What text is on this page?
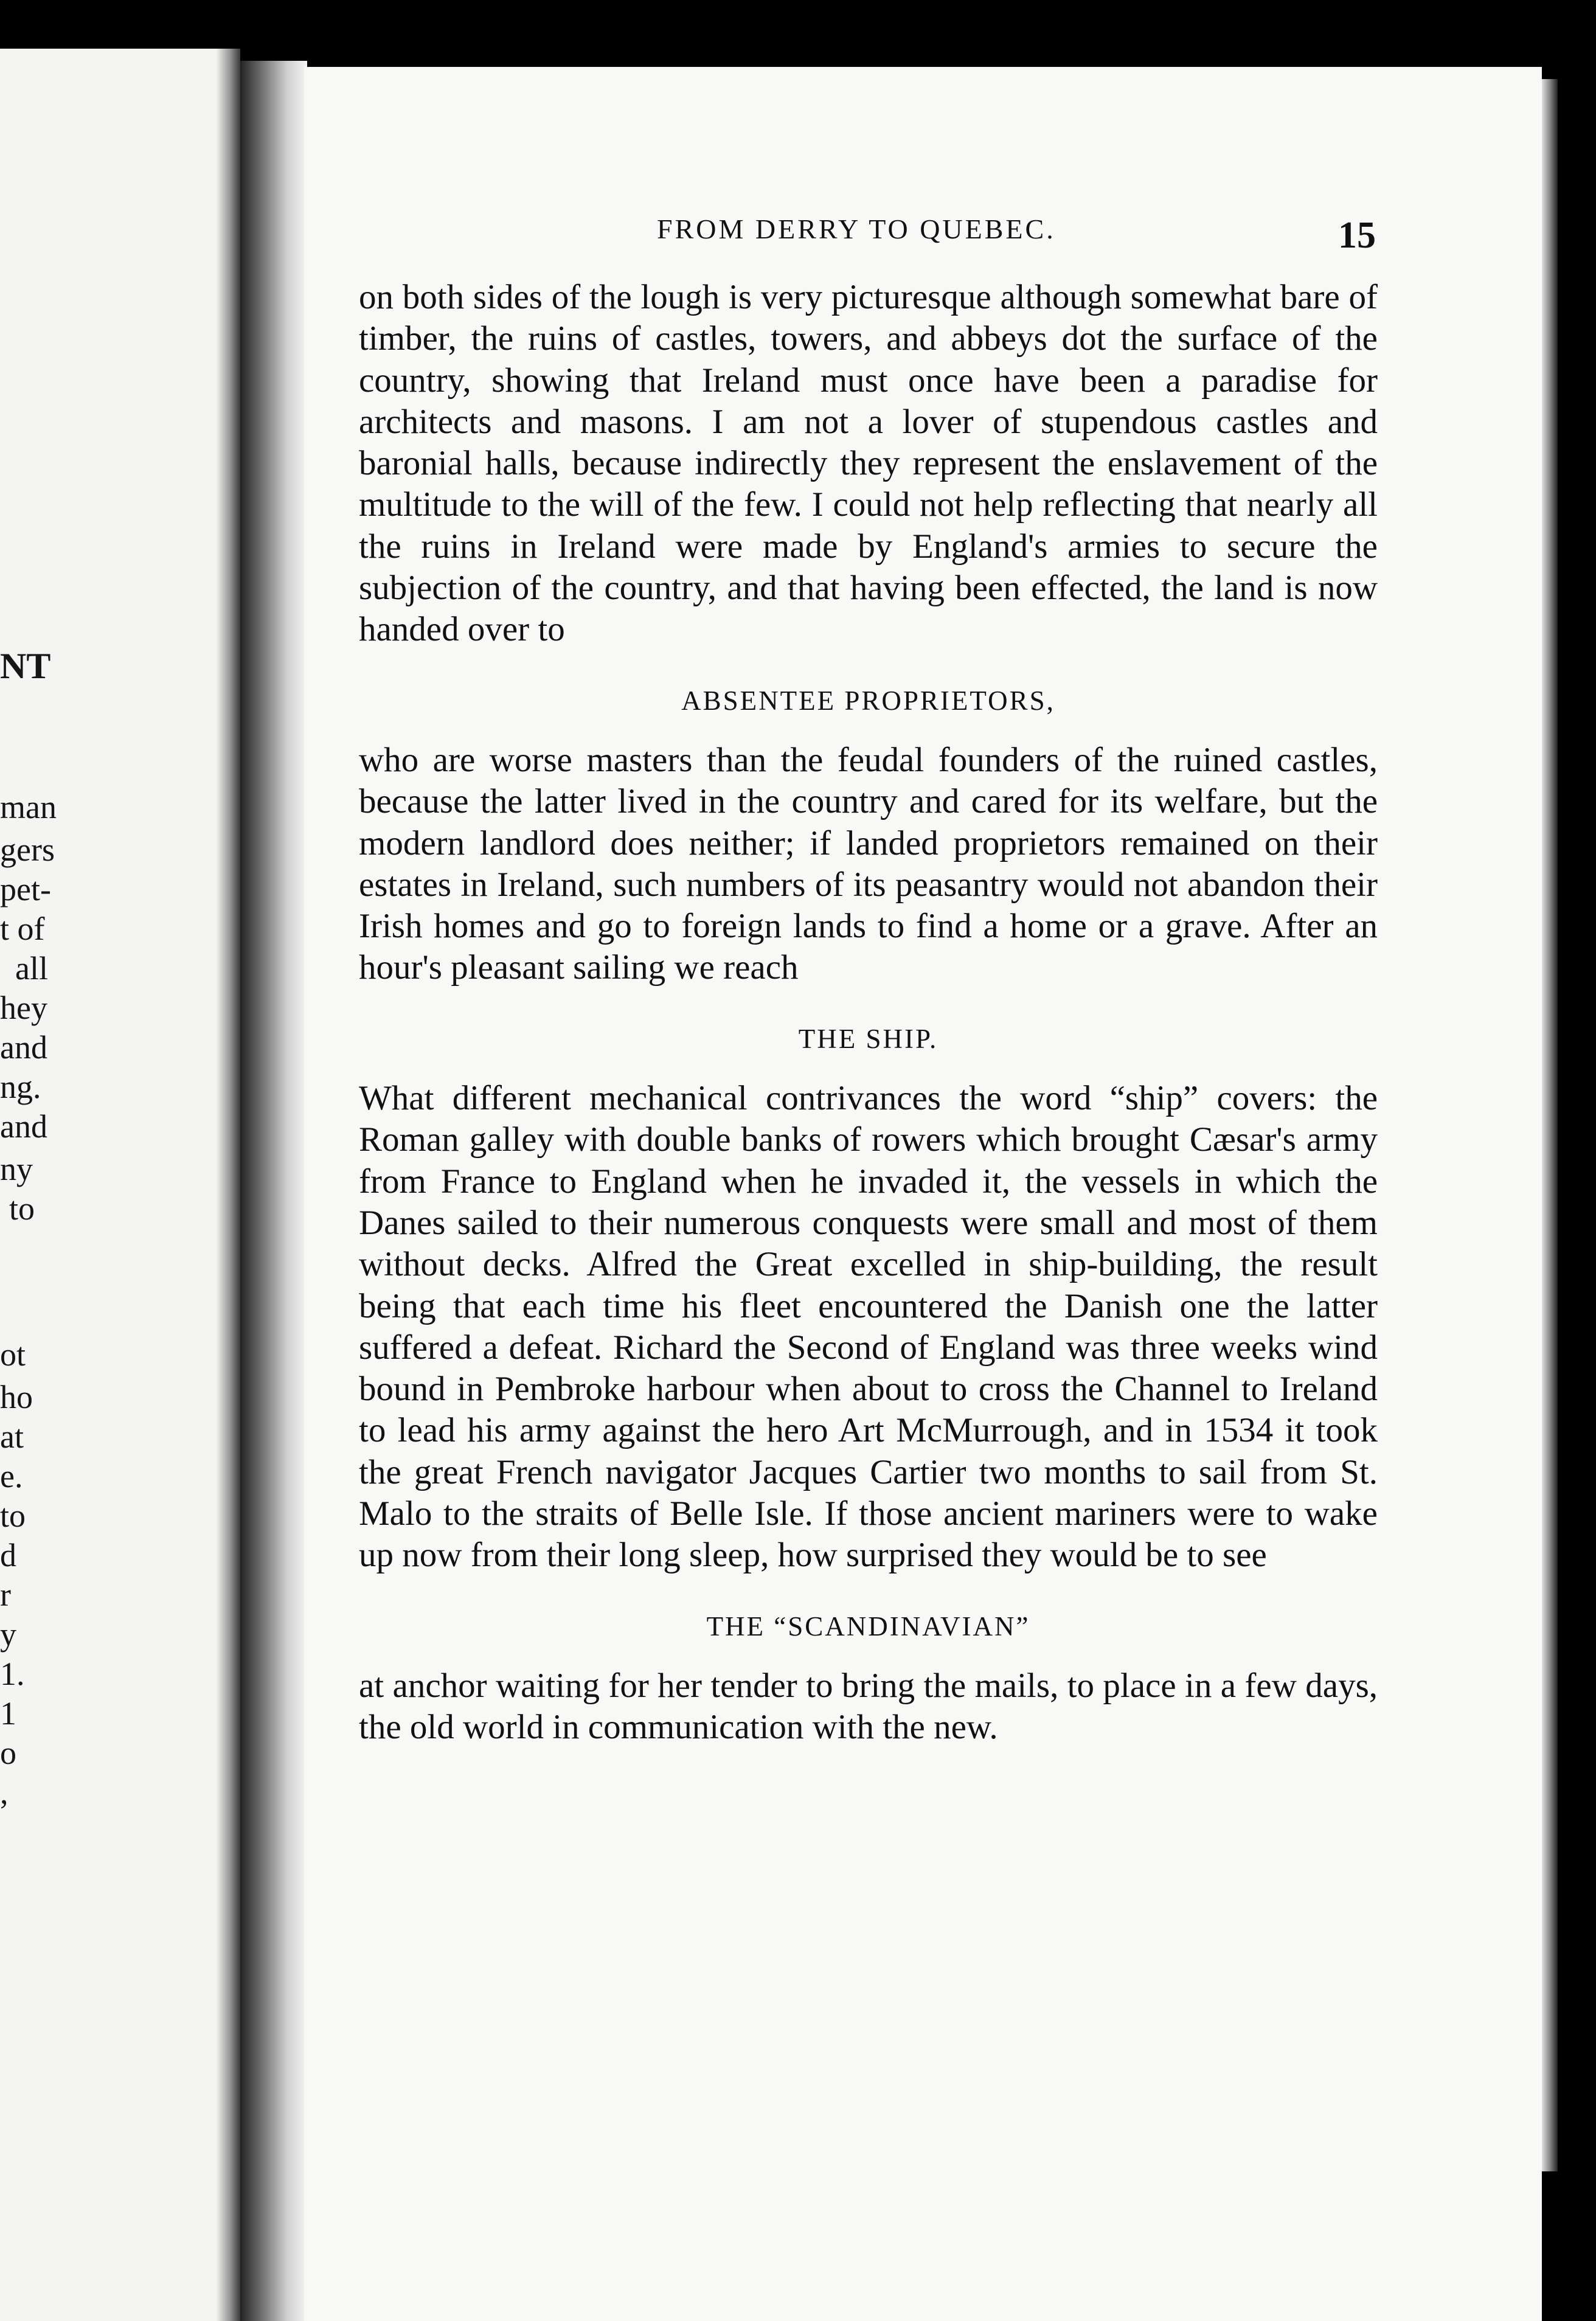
NT
man
gers
pet-
t of
all
hey
and
ng.
and
ny
to
ot
ho
at
e.
to
d
r
y
1.
1
o
,
FROM DERRY TO QUEBEC.	15

on both sides of the lough is very picturesque although somewhat bare of timber, the ruins of castles, towers, and abbeys dot the surface of the country, showing that Ireland must once have been a paradise for architects and masons. I am not a lover of stupendous castles and baronial halls, because indirectly they represent the enslavement of the multitude to the will of the few. I could not help reflecting that nearly all the ruins in Ireland were made by England's armies to secure the subjection of the country, and that having been effected, the land is now handed over to

ABSENTEE PROPRIETORS,

who are worse masters than the feudal founders of the ruined castles, because the latter lived in the country and cared for its welfare, but the modern landlord does neither; if landed proprietors remained on their estates in Ireland, such numbers of its peasantry would not abandon their Irish homes and go to foreign lands to find a home or a grave. After an hour's pleasant sailing we reach

THE SHIP.

What different mechanical contrivances the word “ship” covers: the Roman galley with double banks of rowers which brought Cæsar's army from France to England when he invaded it, the vessels in which the Danes sailed to their numerous conquests were small and most of them without decks. Alfred the Great excelled in ship-building, the result being that each time his fleet encountered the Danish one the latter suffered a defeat. Richard the Second of England was three weeks wind bound in Pembroke harbour when about to cross the Channel to Ireland to lead his army against the hero Art McMurrough, and in 1534 it took the great French navigator Jacques Cartier two months to sail from St. Malo to the straits of Belle Isle. If those ancient mariners were to wake up now from their long sleep, how surprised they would be to see

THE “SCANDINAVIAN”

at anchor waiting for her tender to bring the mails, to place in a few days, the old world in communication with the new.
